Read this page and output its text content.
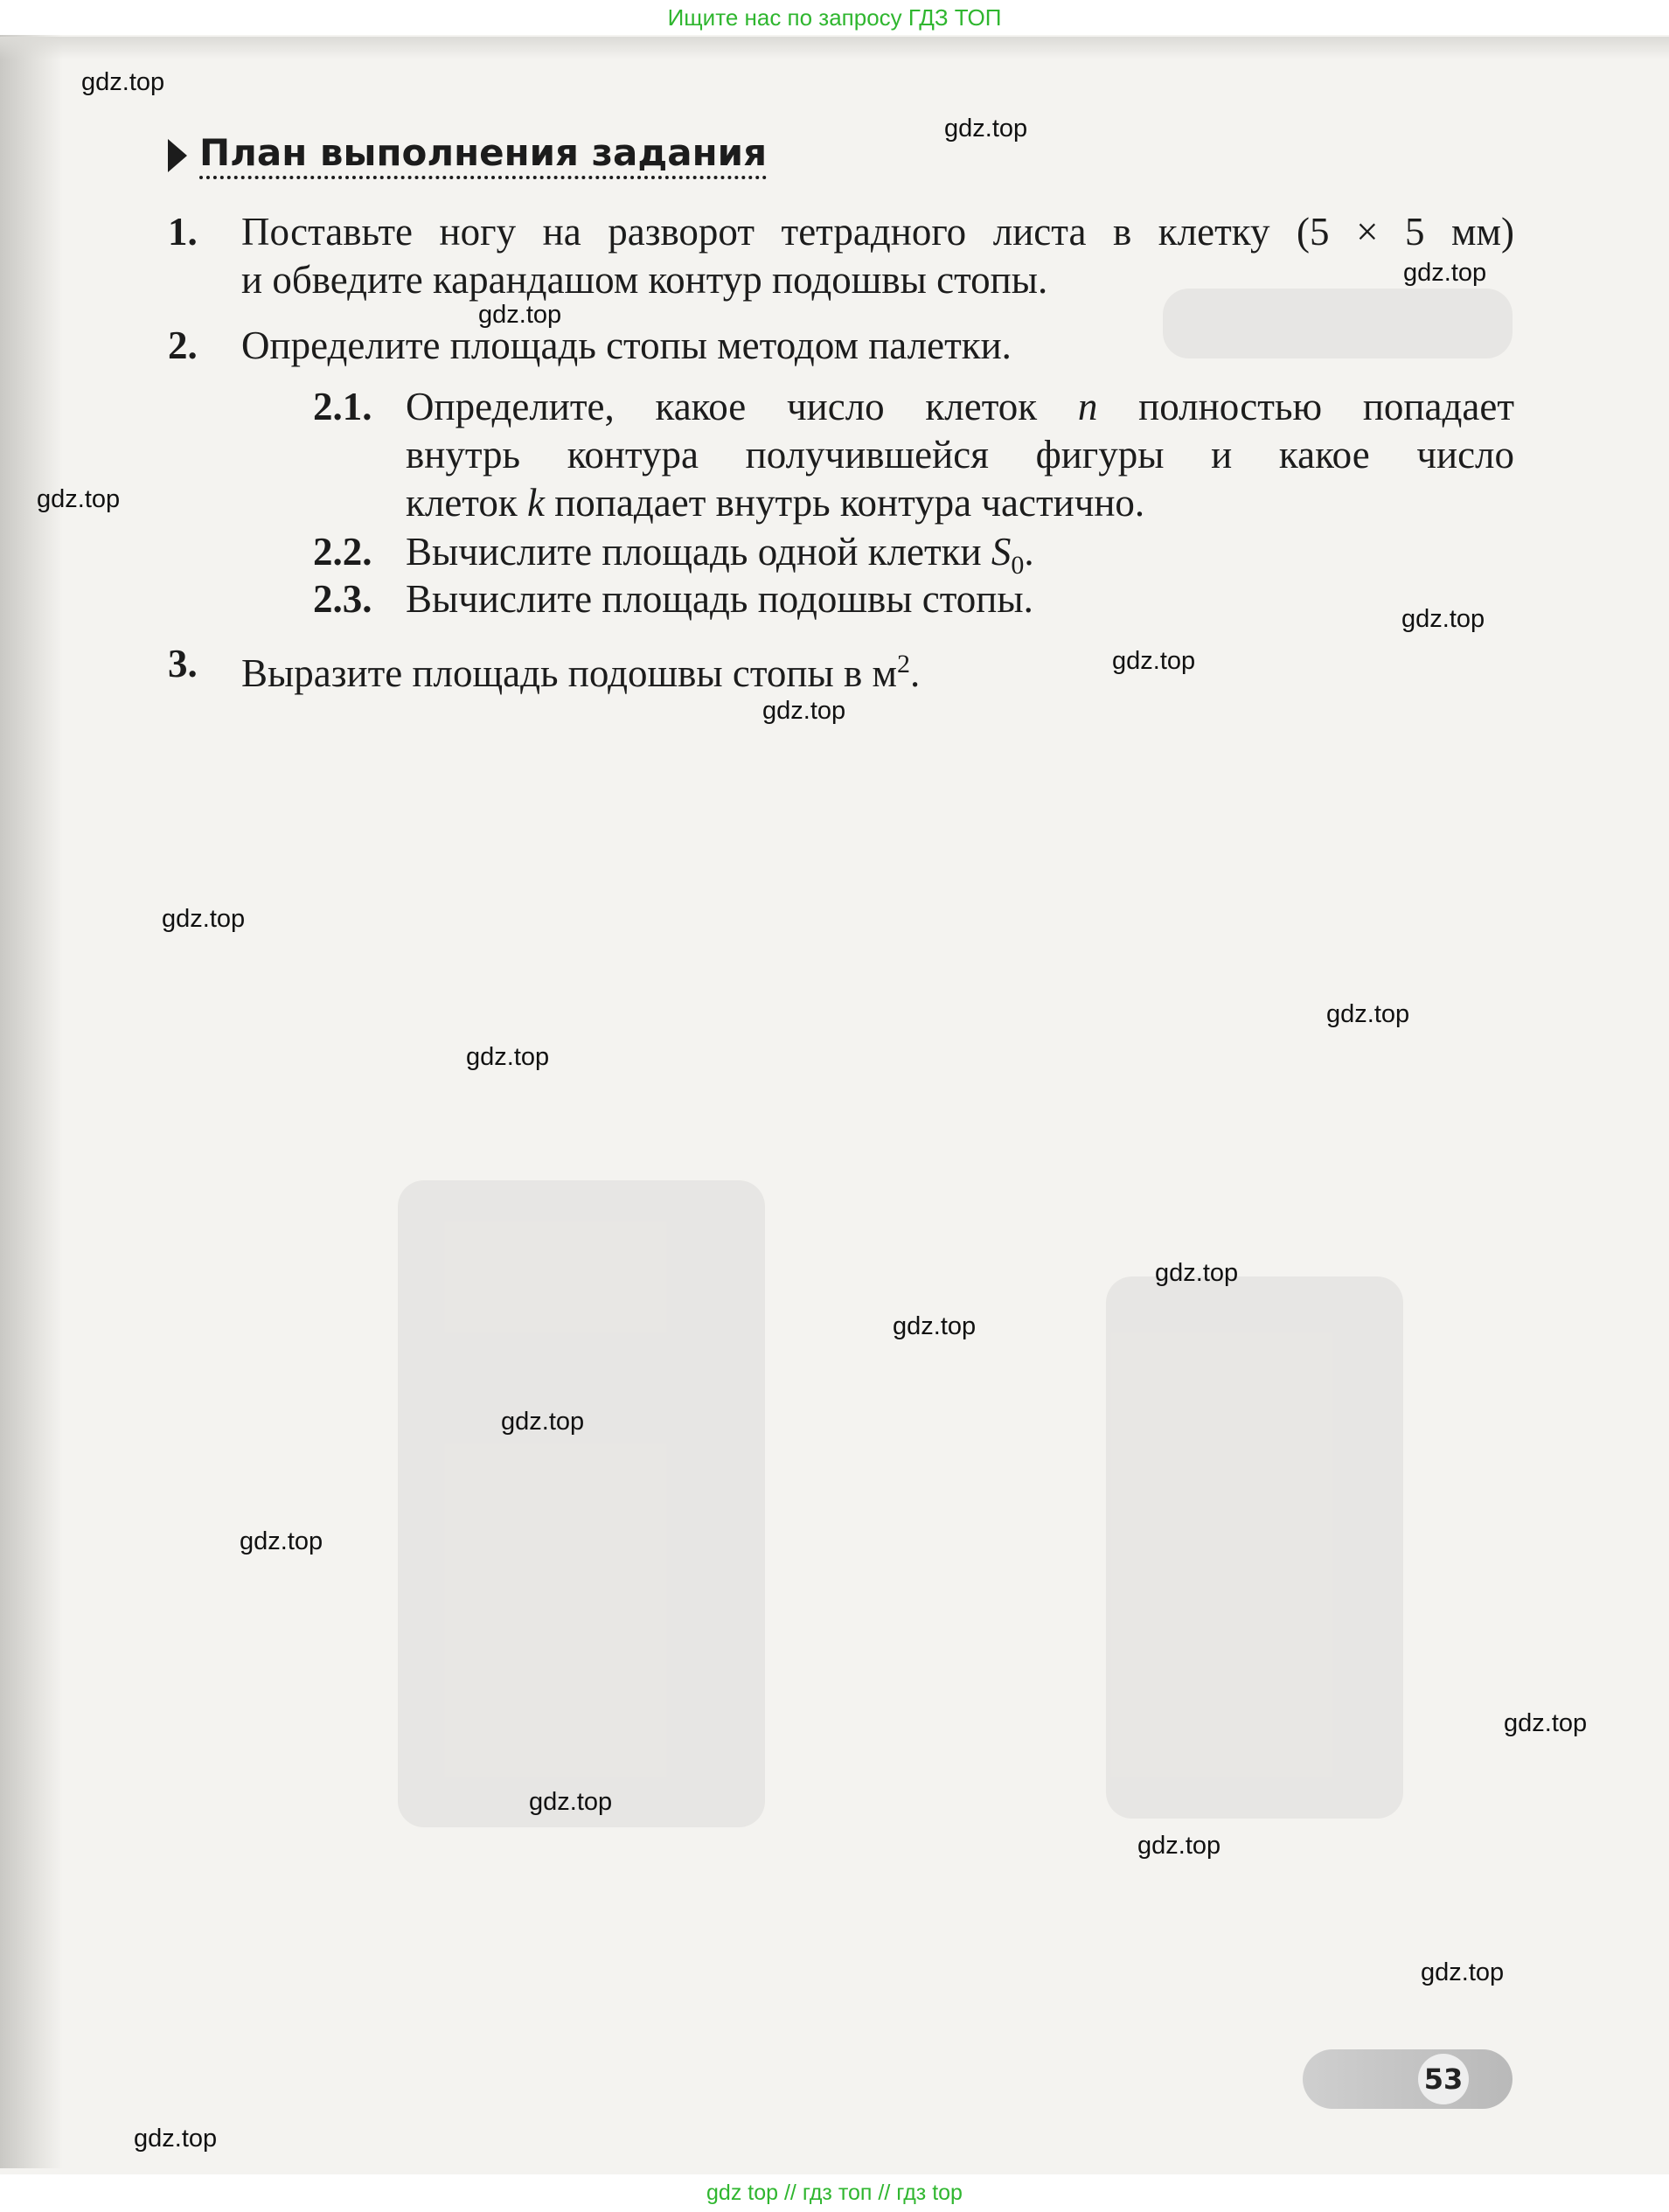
Ищите нас по запросу ГДЗ ТОП
План выполнения задания
1. Поставьте ногу на разворот тетрадного листа в клетку (5 × 5 мм)
и обведите карандашом контур подошвы стопы.
2. Определите площадь стопы методом палетки.
2.1. Определите, какое число клеток n полностью попадает
внутрь контура получившейся фигуры и какое число
клеток k попадает внутрь контура частично.
2.2. Вычислите площадь одной клетки $S_0$.
2.3. Вычислите площадь подошвы стопы.
3. Выразите площадь подошвы стопы в $м^2$.
53
gdz.top
gdz.top
gdz.top
gdz.top
gdz.top
gdz.top
gdz.top
gdz.top
gdz.top
gdz.top
gdz.top
gdz.top
gdz.top
gdz.top
gdz.top
gdz.top
gdz.top
gdz.top
gdz.top
gdz.top
gdz top // гдз топ // гдз top
